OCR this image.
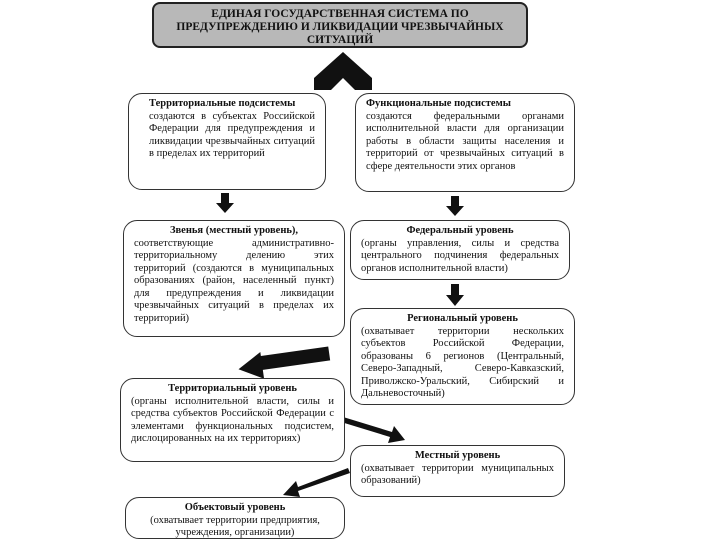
ЕДИНАЯ ГОСУДАРСТВЕННАЯ СИСТЕМА ПО ПРЕДУПРЕЖДЕНИЮ И ЛИКВИДАЦИИ ЧРЕЗВЫЧАЙНЫХ СИТУАЦИЙ
Территориальные подсистемы
создаются в субъектах Российской Федерации для предупреждения и ликвидации чрезвычайных ситуаций в пределах их территорий
Функциональные подсистемы
создаются федеральными органами исполнительной власти для организации работы в области защиты населения и территорий от чрезвычайных ситуаций в сфере деятельности этих органов
Звенья (местный уровень),
соответствующие административно-территориальному делению этих территорий (создаются в муниципальных образованиях (район, населенный пункт) для предупреждения и ликвидации чрезвычайных ситуаций в пределах их территорий)
Федеральный уровень
(органы управления, силы и средства центрального подчинения федеральных органов исполнительной власти)
Региональный уровень
(охватывает территории нескольких субъектов Российской Федерации, образованы 6 регионов (Центральный, Северо-Западный, Северо-Кавказский, Приволжско-Уральский, Сибирский и Дальневосточный)
Территориальный уровень
(органы исполнительной власти, силы и средства субъектов Российской Федерации с элементами функциональных подсистем, дислоцированных на их территориях)
Местный уровень
(охватывает территории муниципальных образований)
Объектовый уровень
(охватывает территории предприятия, учреждения, организации)
